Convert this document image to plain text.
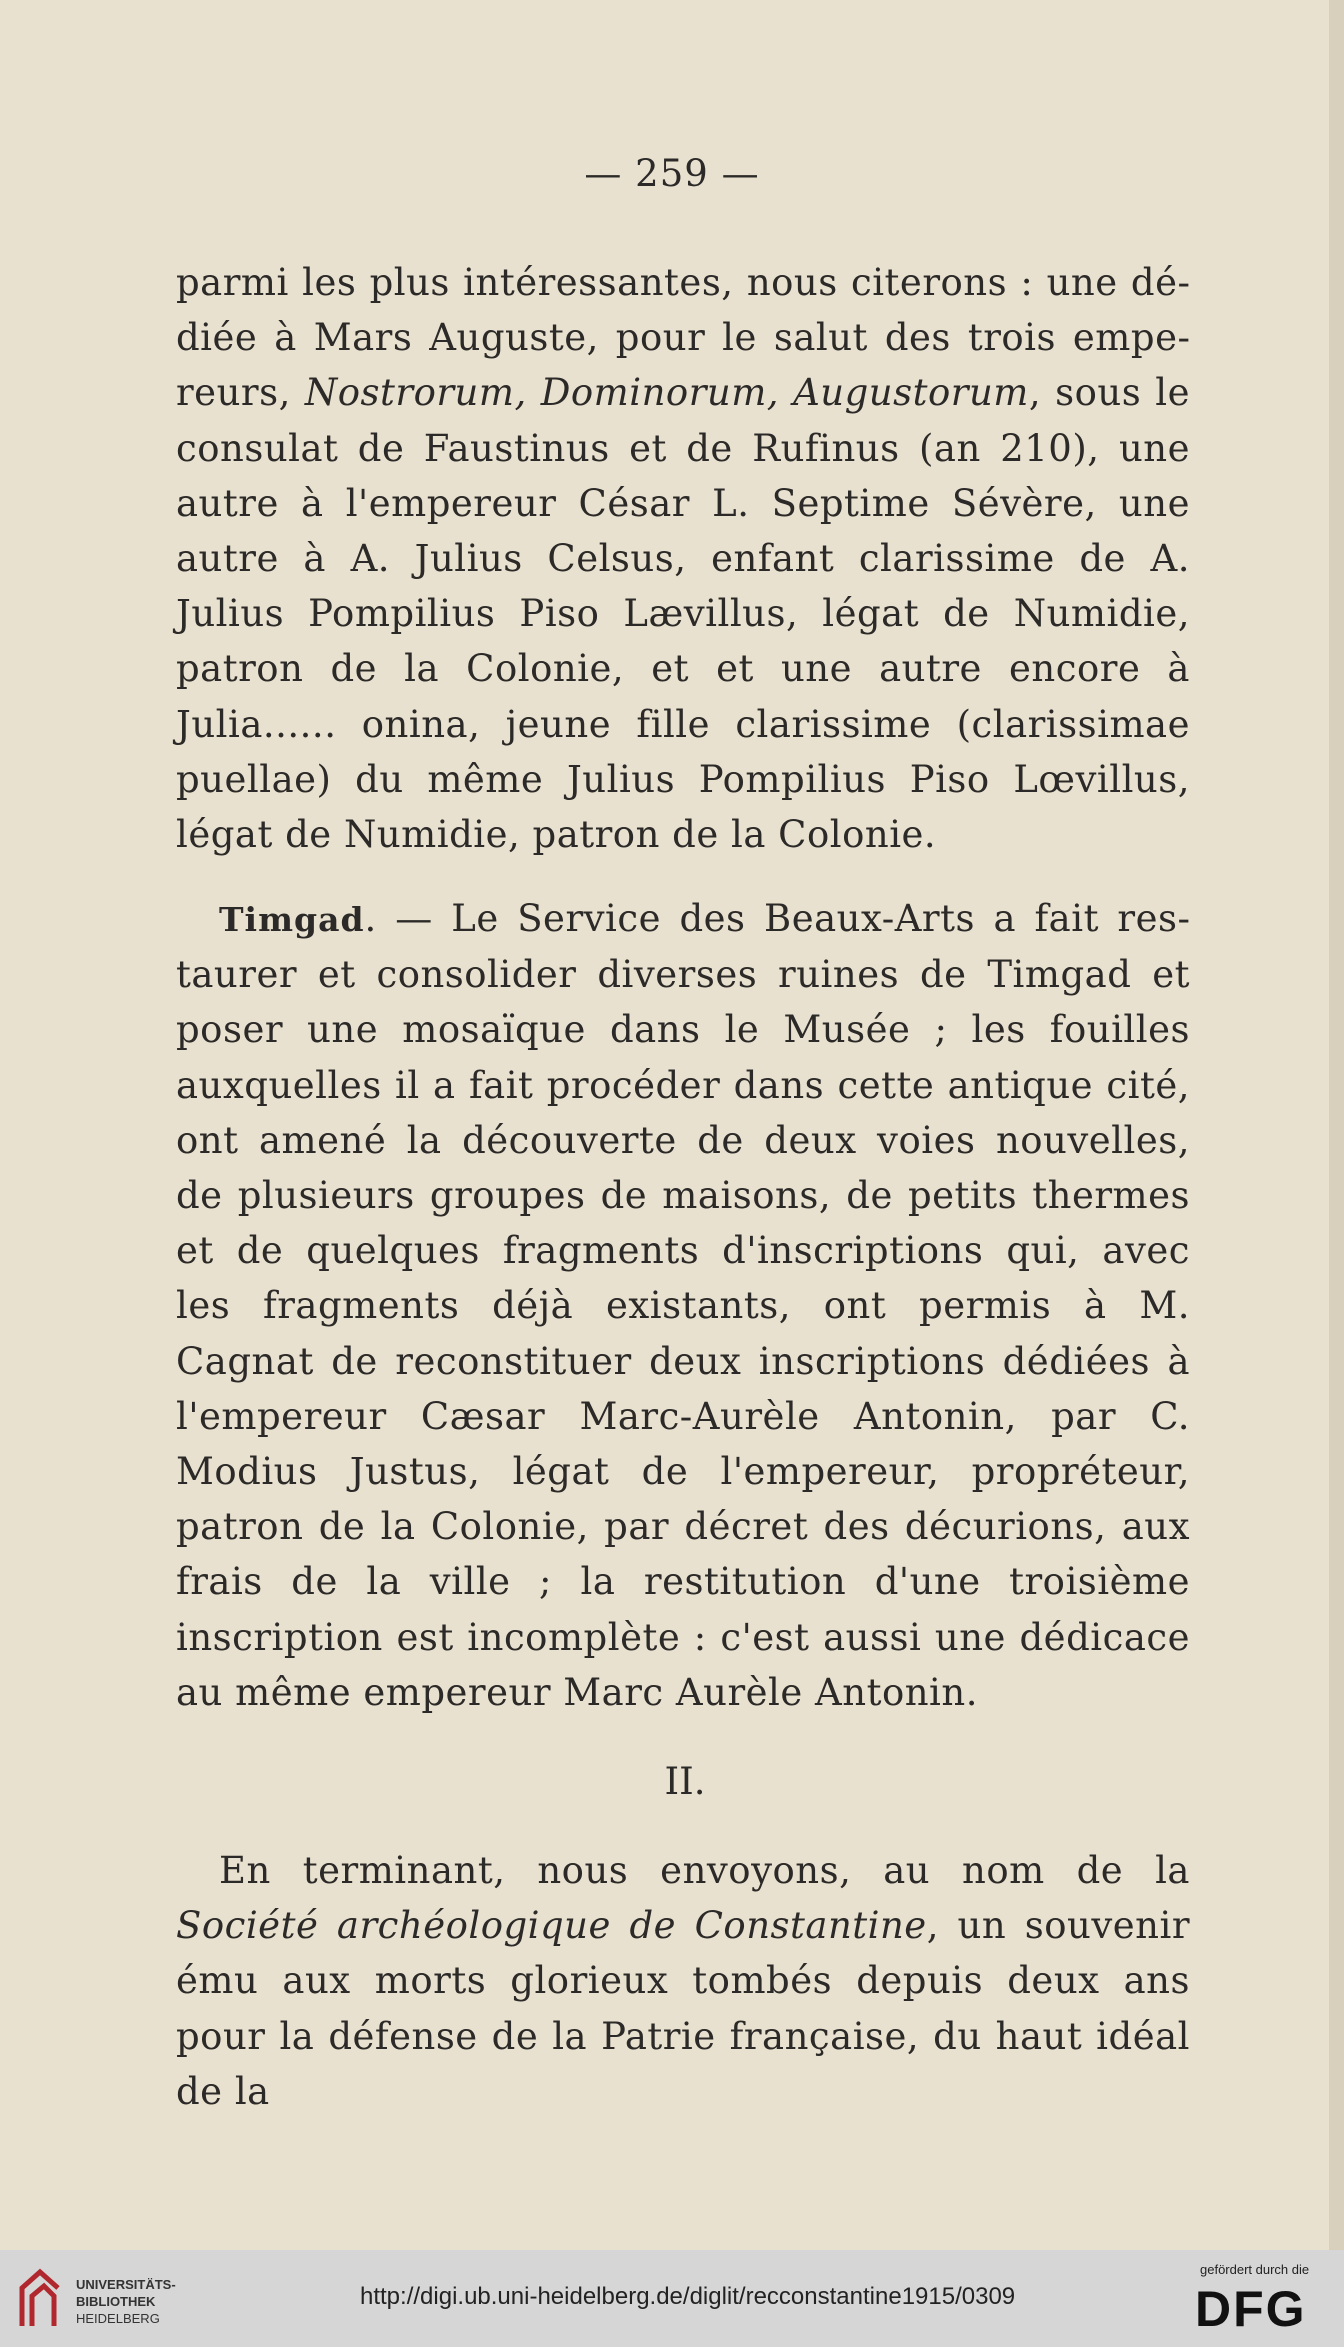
— 259 —
parmi les plus intéressantes, nous citerons : une dédiée à Mars Auguste, pour le salut des trois empereurs, Nostrorum, Dominorum, Augustorum, sous le consulat de Faustinus et de Rufinus (an 210), une autre à l'empereur César L. Septime Sévère, une autre à A. Julius Celsus, enfant clarissime de A. Julius Pompilius Piso Lævillus, légat de Numidie, patron de la Colonie, et et une autre encore à Julia...... onina, jeune fille clarissime (clarissimae puellae) du même Julius Pompilius Piso Lœvillus, légat de Numidie, patron de la Colonie.
Timgad. — Le Service des Beaux-Arts a fait restaurer et consolider diverses ruines de Timgad et poser une mosaïque dans le Musée ; les fouilles auxquelles il a fait procéder dans cette antique cité, ont amené la découverte de deux voies nouvelles, de plusieurs groupes de maisons, de petits thermes et de quelques fragments d'inscriptions qui, avec les fragments déjà existants, ont permis à M. Cagnat de reconstituer deux inscriptions dédiées à l'empereur Cæsar Marc-Aurèle Antonin, par C. Modius Justus, légat de l'empereur, propréteur, patron de la Colonie, par décret des décurions, aux frais de la ville ; la restitution d'une troisième inscription est incomplète : c'est aussi une dédicace au même empereur Marc Aurèle Antonin.
II.
En terminant, nous envoyons, au nom de la Société archéologique de Constantine, un souvenir ému aux morts glorieux tombés depuis deux ans pour la défense de la Patrie française, du haut idéal de la
UNIVERSITÄTS-
BIBLIOTHEK
HEIDELBERG
http://digi.ub.uni-heidelberg.de/diglit/recconstantine1915/0309
gefördert durch die
DFG
